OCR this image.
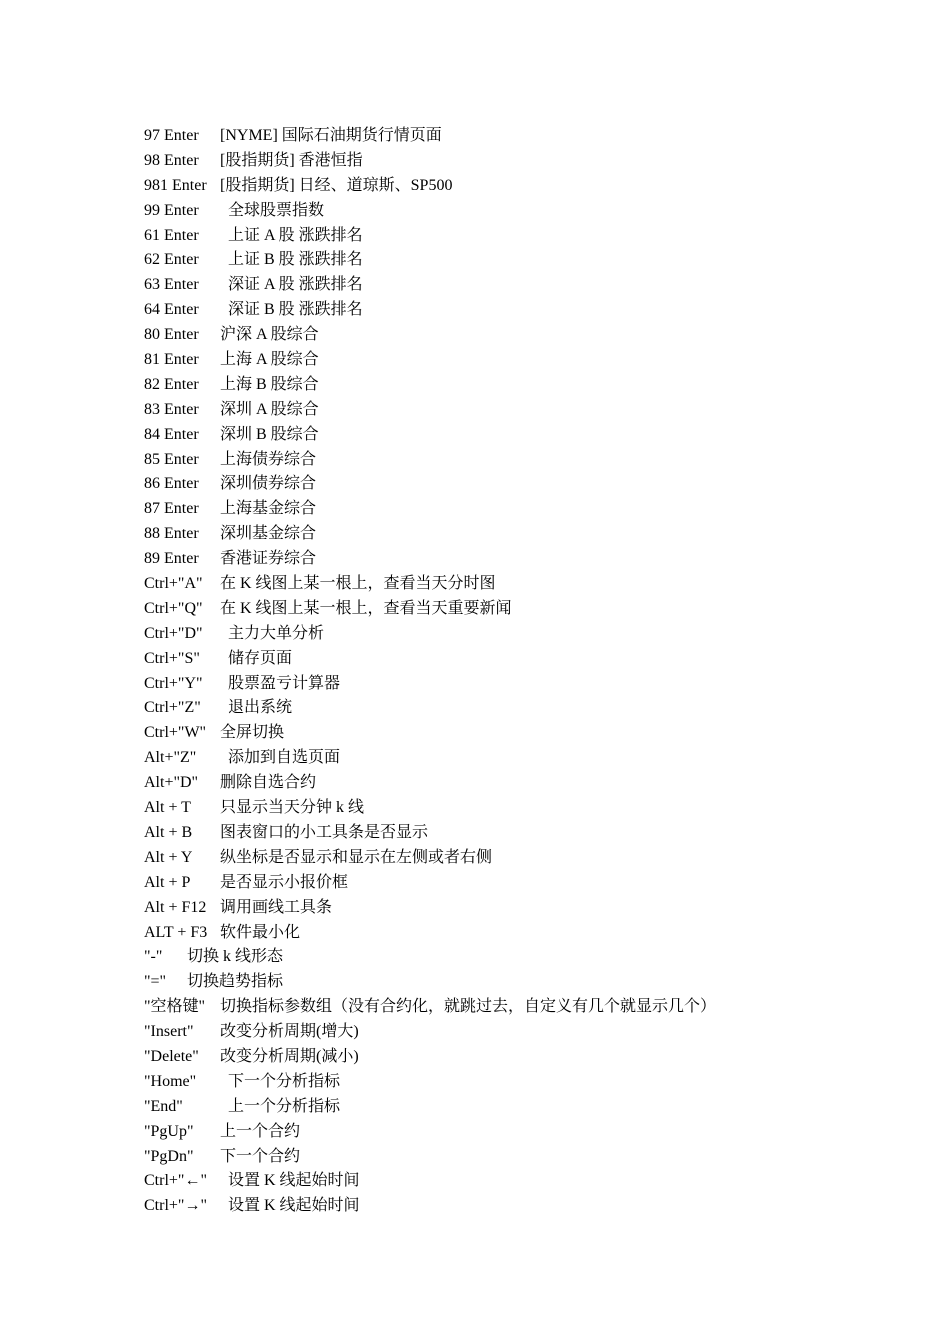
97 Enter [NYME] 国际石油期货行情页面
98 Enter [股指期货] 香港恒指
981 Enter [股指期货] 日经、道琼斯、SP500
99 Enter 全球股票指数
61 Enter 上证 A 股 涨跌排名
62 Enter 上证 B 股 涨跌排名
63 Enter 深证 A 股 涨跌排名
64 Enter 深证 B 股 涨跌排名
80 Enter 沪深 A 股综合
81 Enter 上海 A 股综合
82 Enter 上海 B 股综合
83 Enter 深圳 A 股综合
84 Enter 深圳 B 股综合
85 Enter 上海债券综合
86 Enter 深圳债券综合
87 Enter 上海基金综合
88 Enter 深圳基金综合
89 Enter 香港证券综合
Ctrl+"A" 在 K 线图上某一根上，查看当天分时图
Ctrl+"Q" 在 K 线图上某一根上，查看当天重要新闻
Ctrl+"D" 主力大单分析
Ctrl+"S" 储存页面
Ctrl+"Y" 股票盈亏计算器
Ctrl+"Z" 退出系统
Ctrl+"W" 全屏切换
Alt+"Z" 添加到自选页面
Alt+"D" 删除自选合约
Alt + T 只显示当天分钟 k 线
Alt + B 图表窗口的小工具条是否显示
Alt + Y 纵坐标是否显示和显示在左侧或者右侧
Alt + P 是否显示小报价框
Alt + F12 调用画线工具条
ALT + F3 软件最小化
"-" 切换 k 线形态
"=" 切换趋势指标
"空格键" 切换指标参数组（没有合约化，就跳过去，自定义有几个就显示几个）
"Insert" 改变分析周期(增大)
"Delete" 改变分析周期(减小)
"Home" 下一个分析指标
"End"	上一个分析指标
"PgUp" 上一个合约
"PgDn" 下一个合约
Ctrl+"←" 设置 K 线起始时间
Ctrl+"→" 设置 K 线起始时间
